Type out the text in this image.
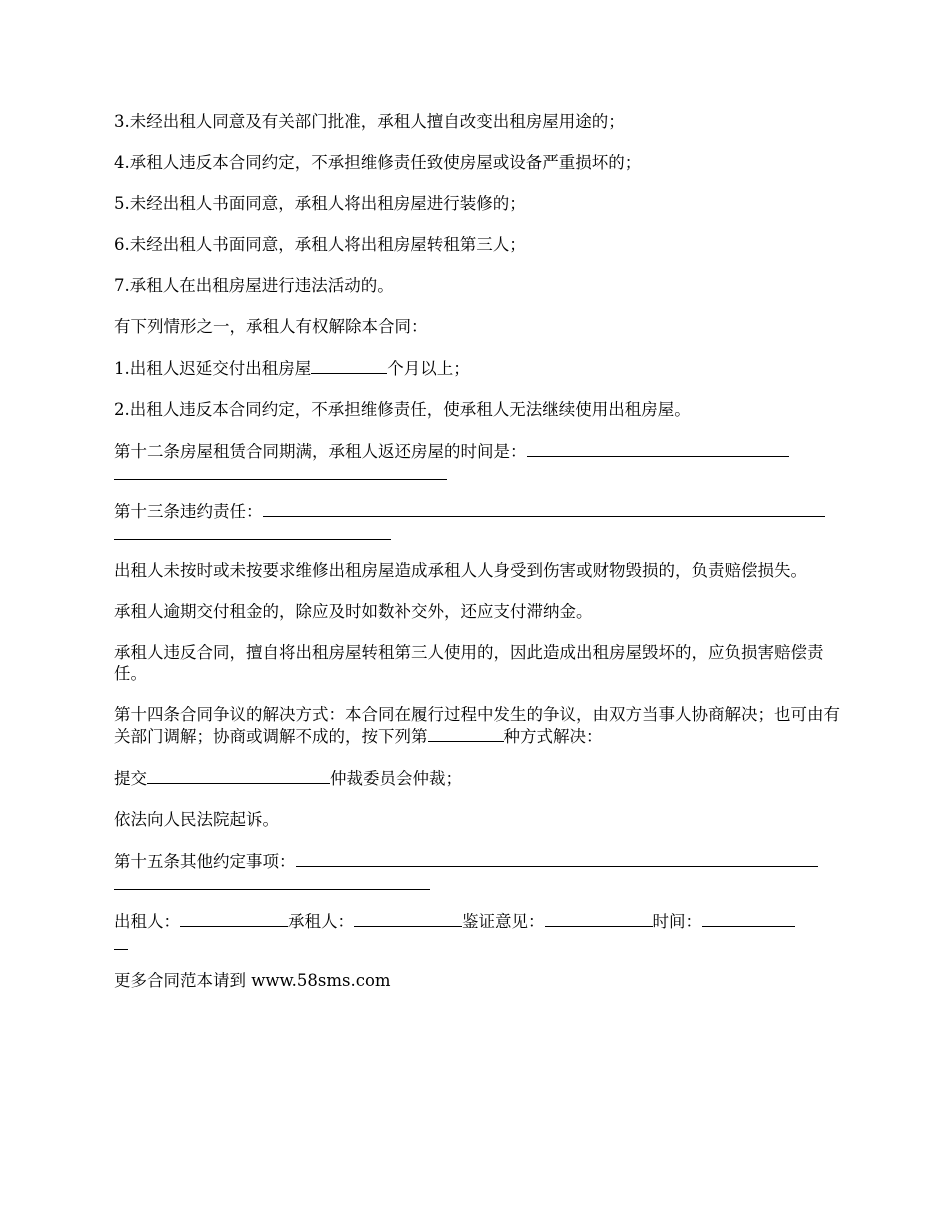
3.未经出租人同意及有关部门批准，承租人擅自改变出租房屋用途的；

4.承租人违反本合同约定，不承担维修责任致使房屋或设备严重损坏的；

5.未经出租人书面同意，承租人将出租房屋进行装修的；

6.未经出租人书面同意，承租人将出租房屋转租第三人；

7.承租人在出租房屋进行违法活动的。

有下列情形之一，承租人有权解除本合同：

1.出租人迟延交付出租房屋	个月以上；

2.出租人违反本合同约定，不承担维修责任，使承租人无法继续使用出租房屋。

第十二条房屋租赁合同期满，承租人返还房屋的时间是：

第十三条违约责任：

出租人未按时或未按要求维修出租房屋造成承租人人身受到伤害或财物毁损的，负责赔偿损失。

承租人逾期交付租金的，除应及时如数补交外，还应支付滞纳金。

承租人违反合同，擅自将出租房屋转租第三人使用的，因此造成出租房屋毁坏的，应负损害赔偿责任。

第十四条合同争议的解决方式：本合同在履行过程中发生的争议，由双方当事人协商解决；也可由有关部门调解；协商或调解不成的，按下列第	种方式解决：

提交	仲裁委员会仲裁；

依法向人民法院起诉。

第十五条其他约定事项：

出租人：	承租人：	鉴证意见：	时间：

更多合同范本请到 www.58sms.com
